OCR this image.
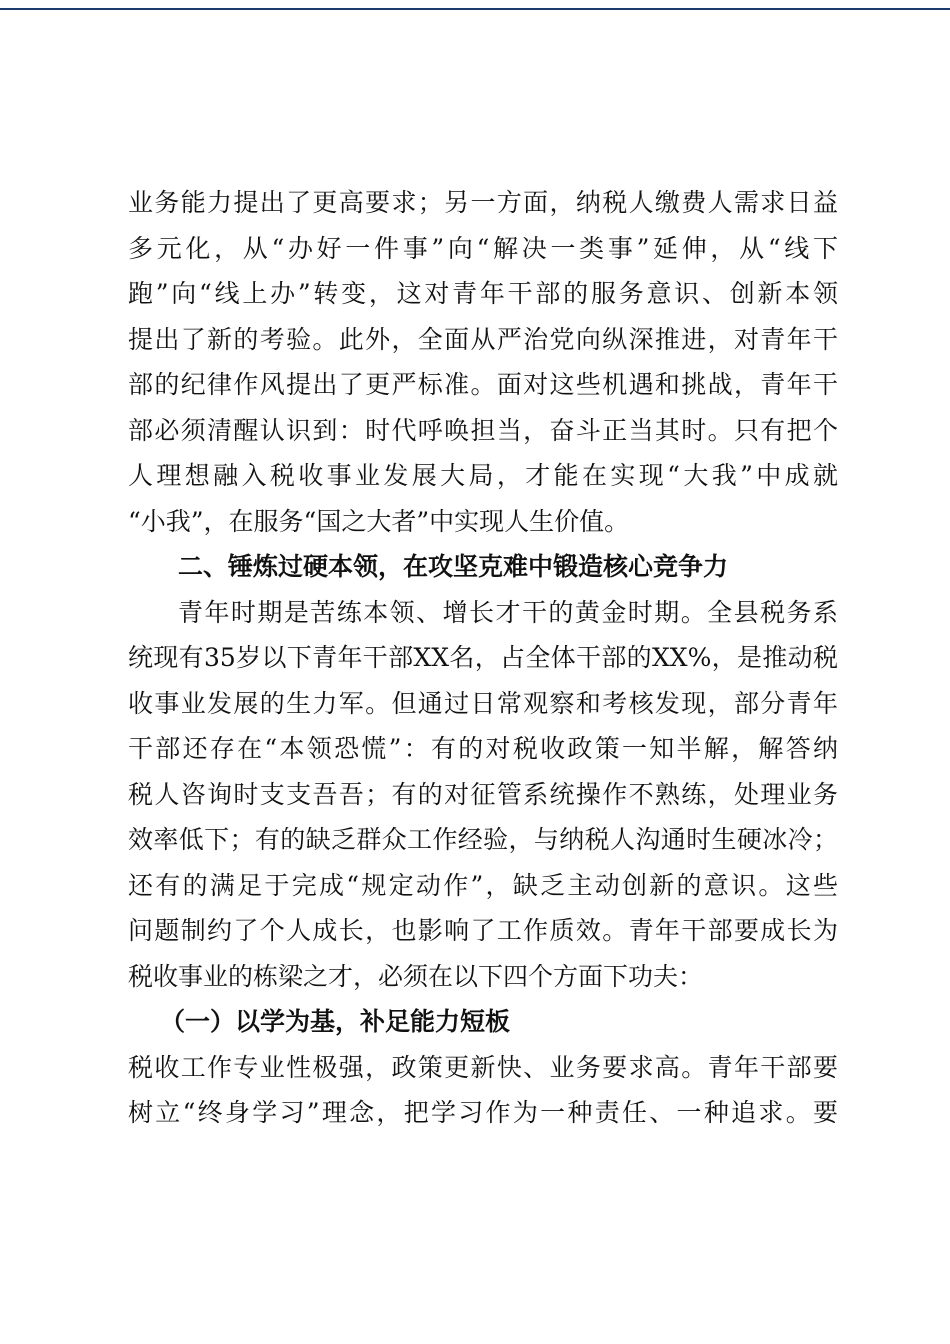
业务能力提出了更高要求；另一方面，纳税人缴费人需求日益
多元化，从“办好一件事”向“解决一类事”延伸，从“线下
跑”向“线上办”转变，这对青年干部的服务意识、创新本领
提出了新的考验。此外，全面从严治党向纵深推进，对青年干
部的纪律作风提出了更严标准。面对这些机遇和挑战，青年干
部必须清醒认识到：时代呼唤担当，奋斗正当其时。只有把个
人理想融入税收事业发展大局，才能在实现“大我”中成就
“小我”，在服务“国之大者”中实现人生价值。
二、锤炼过硬本领，在攻坚克难中锻造核心竞争力
青年时期是苦练本领、增长才干的黄金时期。全县税务系
统现有35岁以下青年干部XX名，占全体干部的XX%，是推动税
收事业发展的生力军。但通过日常观察和考核发现，部分青年
干部还存在“本领恐慌”：有的对税收政策一知半解，解答纳
税人咨询时支支吾吾；有的对征管系统操作不熟练，处理业务
效率低下；有的缺乏群众工作经验，与纳税人沟通时生硬冰冷；
还有的满足于完成“规定动作”，缺乏主动创新的意识。这些
问题制约了个人成长，也影响了工作质效。青年干部要成长为
税收事业的栋梁之才，必须在以下四个方面下功夫：
（一）以学为基，补足能力短板
税收工作专业性极强，政策更新快、业务要求高。青年干部要
树立“终身学习”理念，把学习作为一种责任、一种追求。要
